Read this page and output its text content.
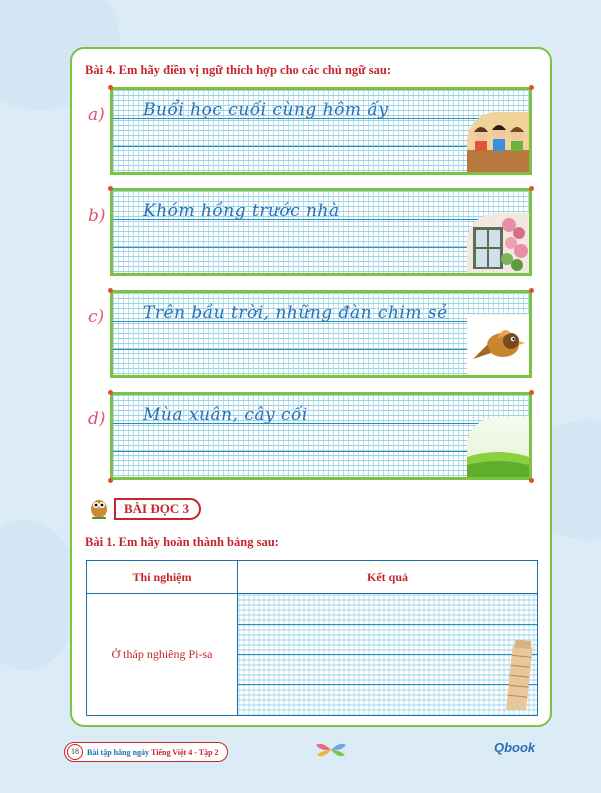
Bài 4. Em hãy điền vị ngữ thích hợp cho các chủ ngữ sau:
a) Buổi học cuối cùng hôm ấy
b) Khóm hồng trước nhà
c) Trên bầu trời, những đàn chim sẻ
d) Mùa xuân, cây cối
BÀI ĐỌC 3
Bài 1. Em hãy hoàn thành bảng sau:
Thí nghiệm	Kết quả
Ở tháp nghiêng Pi-sa	
18	Bài tập hằng ngày
Tiếng Việt 4 - Tập 2	Qbook
